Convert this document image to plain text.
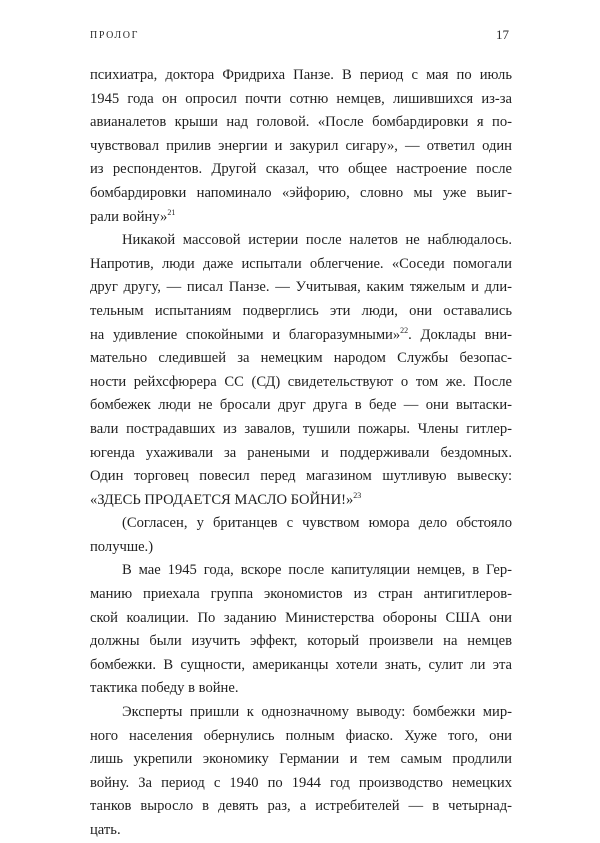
ПРОЛОГ	17
психиатра, доктора Фридриха Панзе. В период с мая по июль
1945 года он опросил почти сотню немцев, лишившихся из-за
авианалетов крыши над головой. «После бомбардировки я по-
чувствовал прилив энергии и закурил сигару», — ответил один
из респондентов. Другой сказал, что общее настроение после
бомбардировки напоминало «эйфорию, словно мы уже выиг-
рали войну»$^{21}$
Никакой массовой истерии после налетов не наблюдалось.
Напротив, люди даже испытали облегчение. «Соседи помогали
друг другу, — писал Панзе. — Учитывая, каким тяжелым и дли-
тельным испытаниям подверглись эти люди, они оставались
на удивление спокойными и благоразумными»$^{22}$. Доклады вни-
мательно следившей за немецким народом Службы безопас-
ности рейхсфюрера СС (СД) свидетельствуют о том же. После
бомбежек люди не бросали друг друга в беде — они вытаски-
вали пострадавших из завалов, тушили пожары. Члены гитлер-
югенда ухаживали за ранеными и поддерживали бездомных.
Один торговец повесил перед магазином шутливую вывеску:
«ЗДЕСЬ ПРОДАЕТСЯ МАСЛО БОЙНИ!»$^{23}$
(Согласен, у британцев с чувством юмора дело обстояло
получше.)
В мае 1945 года, вскоре после капитуляции немцев, в Гер-
манию приехала группа экономистов из стран антигитлеров-
ской коалиции. По заданию Министерства обороны США они
должны были изучить эффект, который произвели на немцев
бомбежки. В сущности, американцы хотели знать, сулит ли эта
тактика победу в войне.
Эксперты пришли к однозначному выводу: бомбежки мир-
ного населения обернулись полным фиаско. Хуже того, они
лишь укрепили экономику Германии и тем самым продлили
войну. За период с 1940 по 1944 год производство немецких
танков выросло в девять раз, а истребителей — в четырнад-
цать.
